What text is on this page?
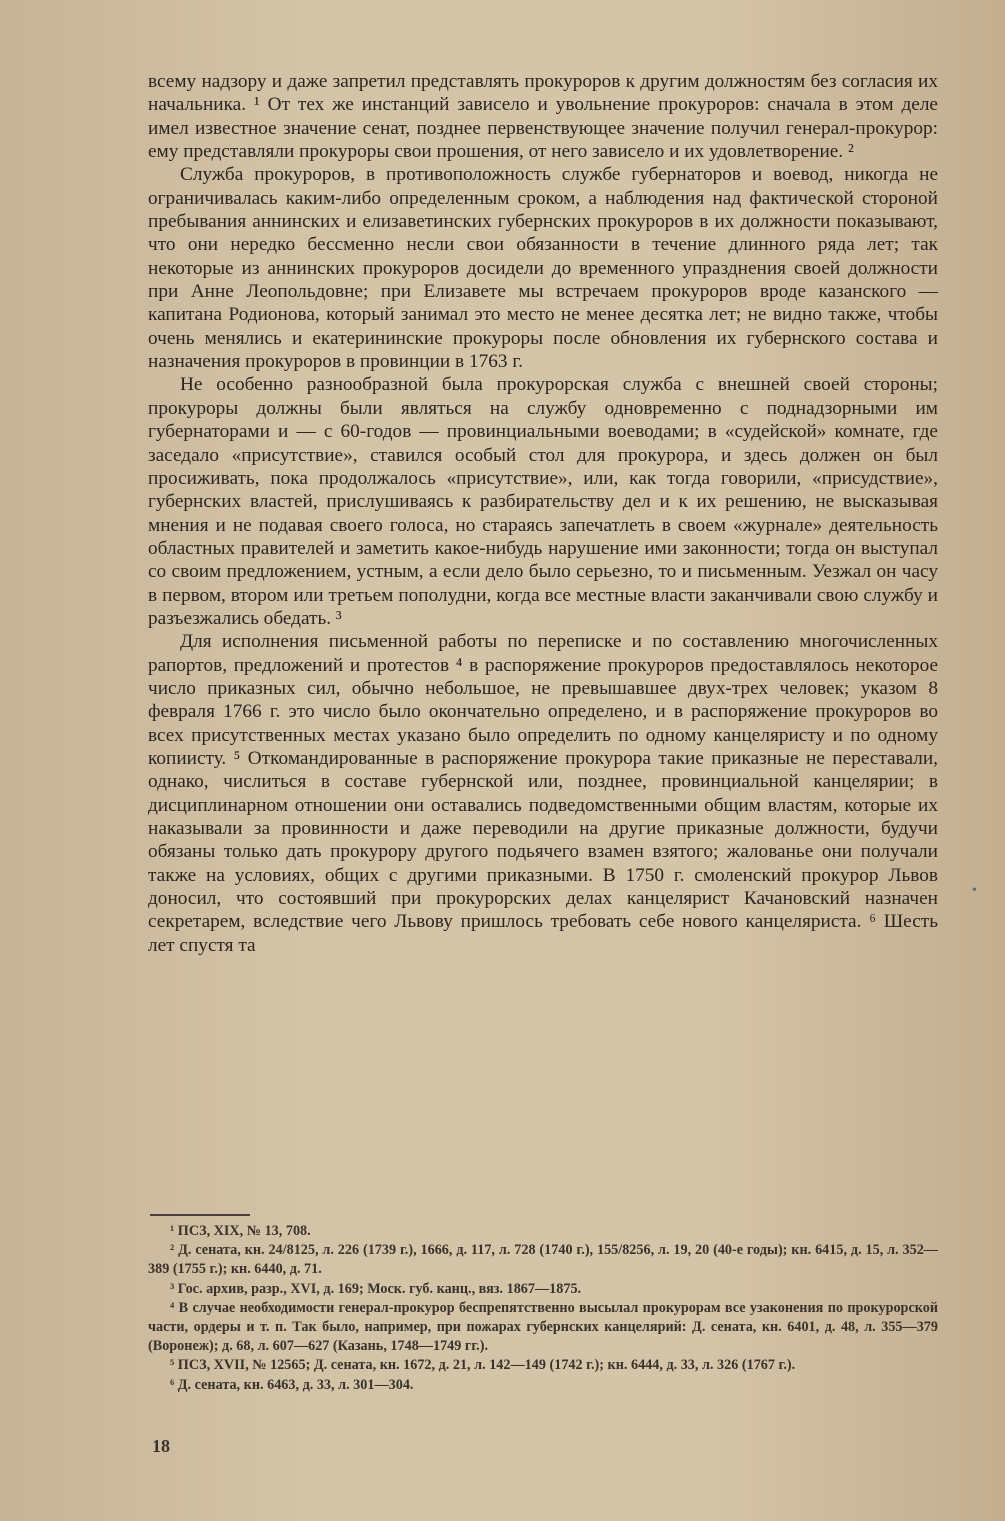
всему надзору и даже запретил представлять прокуроров к другим должностям без согласия их начальника. ¹ От тех же инстанций зависело и увольнение прокуроров: сначала в этом деле имел известное значение сенат, позднее первенствующее значение получил генерал-прокурор: ему представляли прокуроры свои прошения, от него зависело и их удовлетворение. ²

Служба прокуроров, в противоположность службе губернаторов и воевод, никогда не ограничивалась каким-либо определенным сроком, а наблюдения над фактической стороной пребывания аннинских и елизаветинских губернских прокуроров в их должности показывают, что они нередко бессменно несли свои обязанности в течение длинного ряда лет; так некоторые из аннинских прокуроров досидели до временного упразднения своей должности при Анне Леопольдовне; при Елизавете мы встречаем прокуроров вроде казанского — капитана Родионова, который занимал это место не менее десятка лет; не видно также, чтобы очень менялись и екатерининские прокуроры после обновления их губернского состава и назначения прокуроров в провинции в 1763 г.

Не особенно разнообразной была прокурорская служба с внешней своей стороны; прокуроры должны были являться на службу одновременно с поднадзорными им губернаторами и — с 60-годов — провинциальными воеводами; в «судейской» комнате, где заседало «присутствие», ставился особый стол для прокурора, и здесь должен он был просиживать, пока продолжалось «присутствие», или, как тогда говорили, «присудствие», губернских властей, прислушиваясь к разбирательству дел и к их решению, не высказывая мнения и не подавая своего голоса, но стараясь запечатлеть в своем «журнале» деятельность областных правителей и заметить какое-нибудь нарушение ими законности; тогда он выступал со своим предложением, устным, а если дело было серьезно, то и письменным. Уезжал он часу в первом, втором или третьем пополудни, когда все местные власти заканчивали свою службу и разъезжались обедать. ³

Для исполнения письменной работы по переписке и по составлению многочисленных рапортов, предложений и протестов ⁴ в распоряжение прокуроров предоставлялось некоторое число приказных сил, обычно небольшое, не превышавшее двух-трех человек; указом 8 февраля 1766 г. это число было окончательно определено, и в распоряжение прокуроров во всех присутственных местах указано было определить по одному канцеляристу и по одному копиисту. ⁵ Откомандированные в распоряжение прокурора такие приказные не переставали, однако, числиться в составе губернской или, позднее, провинциальной канцелярии; в дисциплинарном отношении они оставались подведомственными общим властям, которые их наказывали за провинности и даже переводили на другие приказные должности, будучи обязаны только дать прокурору другого подьячего взамен взятого; жалованье они получали также на условиях, общих с другими приказными. В 1750 г. смоленский прокурор Львов доносил, что состоявший при прокурорских делах канцелярист Качановский назначен секретарем, вследствие чего Львову пришлось требовать себе нового канцеляриста. ⁶ Шесть лет спустя та

¹ ПСЗ, XIX, № 13, 708.

² Д. сената, кн. 24/8125, л. 226 (1739 г.), 1666, д. 117, л. 728 (1740 г.), 155/8256, л. 19, 20 (40-е годы); кн. 6415, д. 15, л. 352—389 (1755 г.); кн. 6440, д. 71.

³ Гос. архив, разр., XVI, д. 169; Моск. губ. канц., вяз. 1867—1875.

⁴ В случае необходимости генерал-прокурор беспрепятственно высылал прокурорам все узаконения по прокурорской части, ордеры и т. п. Так было, например, при пожарах губернских канцелярий: Д. сената, кн. 6401, д. 48, л. 355—379 (Воронеж); д. 68, л. 607—627 (Казань, 1748—1749 гг.).

⁵ ПСЗ, XVII, № 12565; Д. сената, кн. 1672, д. 21, л. 142—149 (1742 г.); кн. 6444, д. 33, л. 326 (1767 г.).

⁶ Д. сената, кн. 6463, д. 33, л. 301—304.

18
•
